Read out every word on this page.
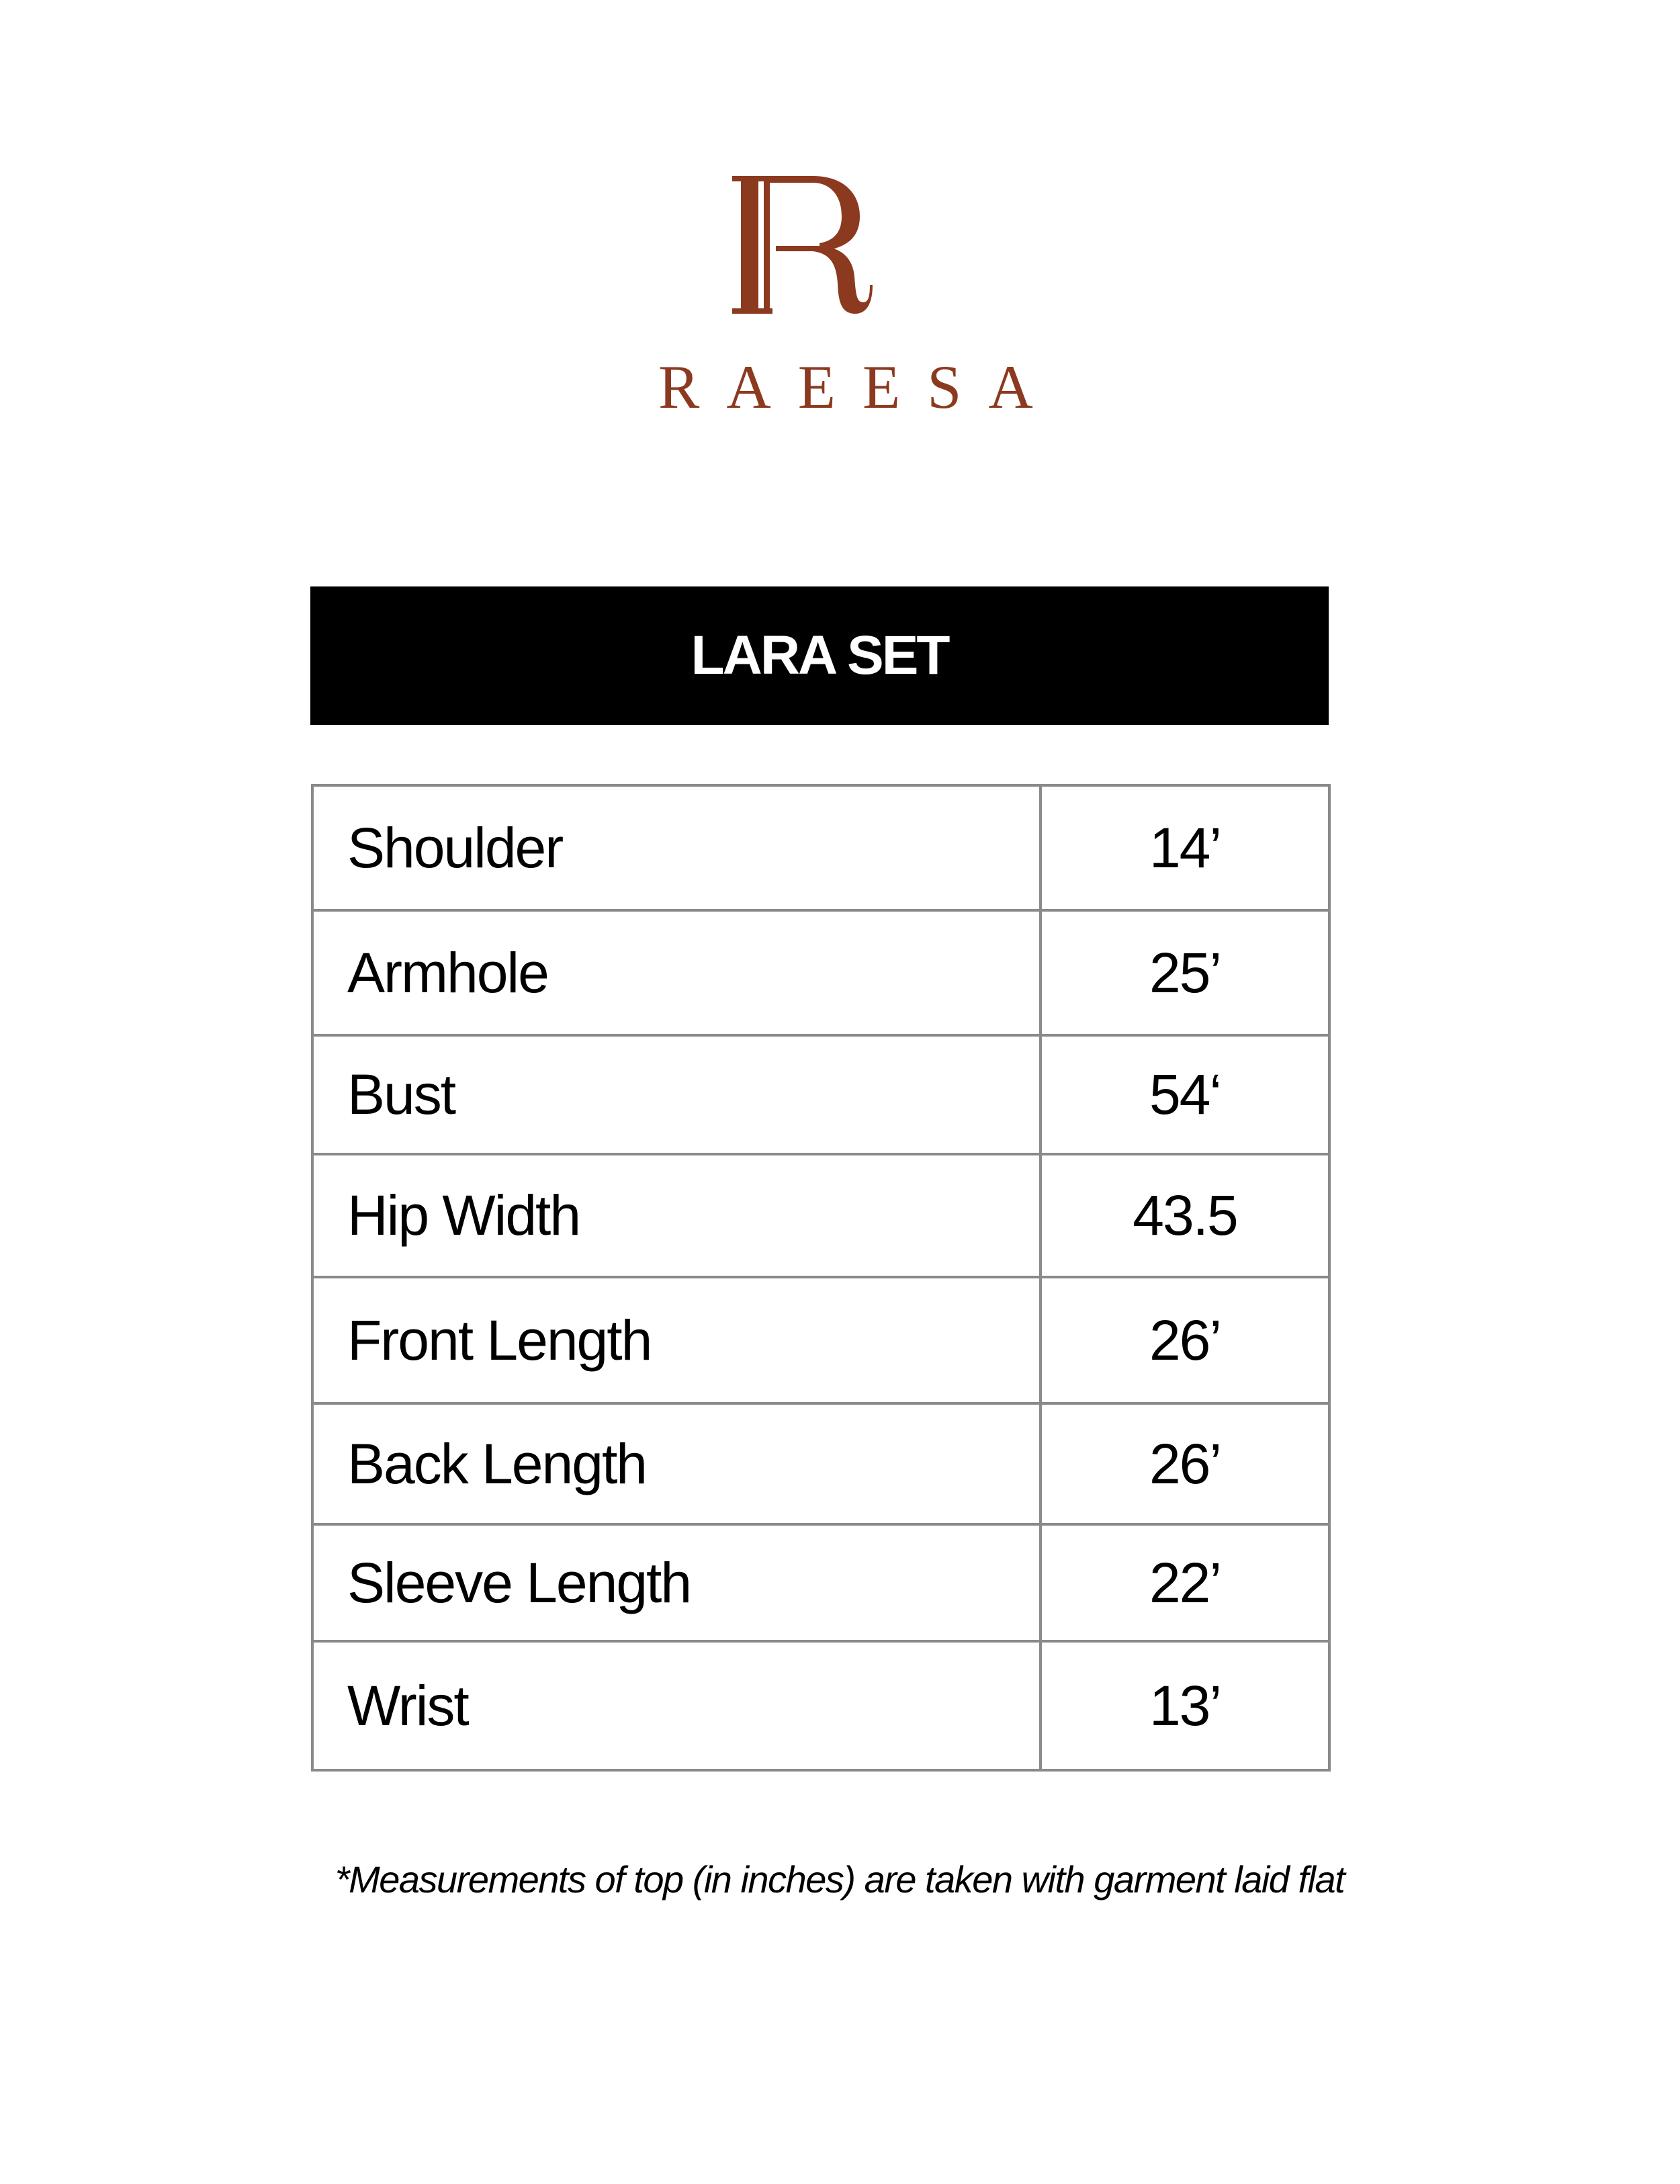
RAEESA
LARA SET
Shoulder	14’
Armhole	25’
Bust	54‘
Hip Width	43.5
Front Length	26’
Back Length	26’
Sleeve Length	22’
Wrist	13’
*Measurements of top (in inches) are taken with garment laid flat
